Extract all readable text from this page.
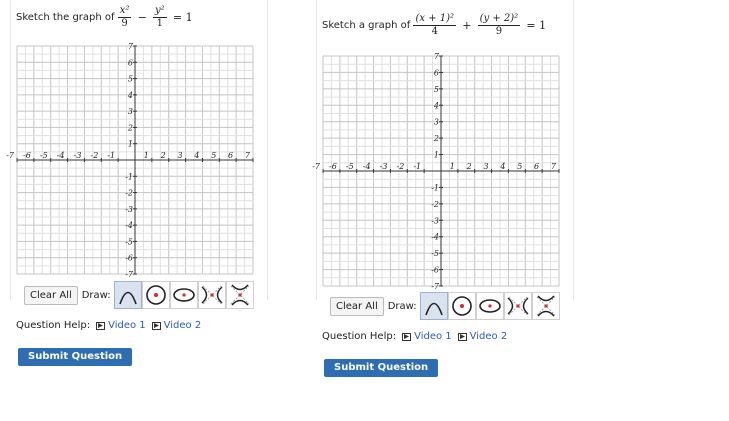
Sketch the graph of $\frac{\text{x²}}{9} - \frac{\text{y²}}{1} = 1$
-7 -6 -5 -4 -3 -2 -1	1 2 3 4 5 6 7
7
6
5
4
3
2
1
-1
-2
-3
-4
-5
-6
-7
Clear All	Draw:
Question Help: Video 1 Video 2
Submit Question
Sketch a graph of $\frac{\text{(x + 1)²}}{4} + \frac{\text{(y + 2)²}}{9} = 1$
-7 -6 -5 -4 -3 -2 -1	1 2 3 4 5 6 7
7
6
5
4
3
2
1
-1
-2
-3
-4
-5
-6
-7
Clear All	Draw:
Question Help: Video 1 Video 2
Submit Question
